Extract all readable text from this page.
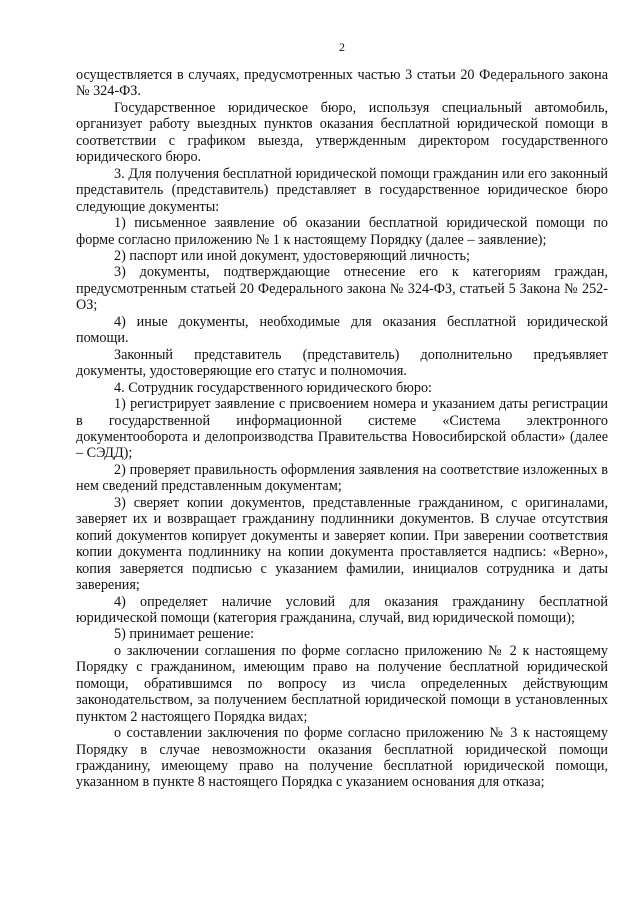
2

осуществляется в случаях, предусмотренных частью 3 статьи 20 Федерального закона № 324-ФЗ.

Государственное юридическое бюро, используя специальный автомобиль, организует работу выездных пунктов оказания бесплатной юридической помощи в соответствии с графиком выезда, утвержденным директором государственного юридического бюро.

3. Для получения бесплатной юридической помощи гражданин или его законный представитель (представитель) представляет в государственное юридическое бюро следующие документы:

1) письменное заявление об оказании бесплатной юридической помощи по форме согласно приложению № 1 к настоящему Порядку (далее – заявление);

2) паспорт или иной документ, удостоверяющий личность;

3) документы, подтверждающие отнесение его к категориям граждан, предусмотренным статьей 20 Федерального закона № 324-ФЗ, статьей 5 Закона № 252-ОЗ;

4) иные документы, необходимые для оказания бесплатной юридической помощи.

Законный представитель (представитель) дополнительно предъявляет документы, удостоверяющие его статус и полномочия.

4. Сотрудник государственного юридического бюро:

1) регистрирует заявление с присвоением номера и указанием даты регистрации в государственной информационной системе «Система электронного документооборота и делопроизводства Правительства Новосибирской области» (далее – СЭДД);

2) проверяет правильность оформления заявления на соответствие изложенных в нем сведений представленным документам;

3) сверяет копии документов, представленные гражданином, с оригиналами, заверяет их и возвращает гражданину подлинники документов. В случае отсутствия копий документов копирует документы и заверяет копии. При заверении соответствия копии документа подлиннику на копии документа проставляется надпись: «Верно», копия заверяется подписью с указанием фамилии, инициалов сотрудника и даты заверения;

4) определяет наличие условий для оказания гражданину бесплатной юридической помощи (категория гражданина, случай, вид юридической помощи);

5) принимает решение:

о заключении соглашения по форме согласно приложению № 2 к настоящему Порядку с гражданином, имеющим право на получение бесплатной юридической помощи, обратившимся по вопросу из числа определенных действующим законодательством, за получением бесплатной юридической помощи в установленных пунктом 2 настоящего Порядка видах;

о составлении заключения по форме согласно приложению № 3 к настоящему Порядку в случае невозможности оказания бесплатной юридической помощи гражданину, имеющему право на получение бесплатной юридической помощи, указанном в пункте 8 настоящего Порядка с указанием основания для отказа;
